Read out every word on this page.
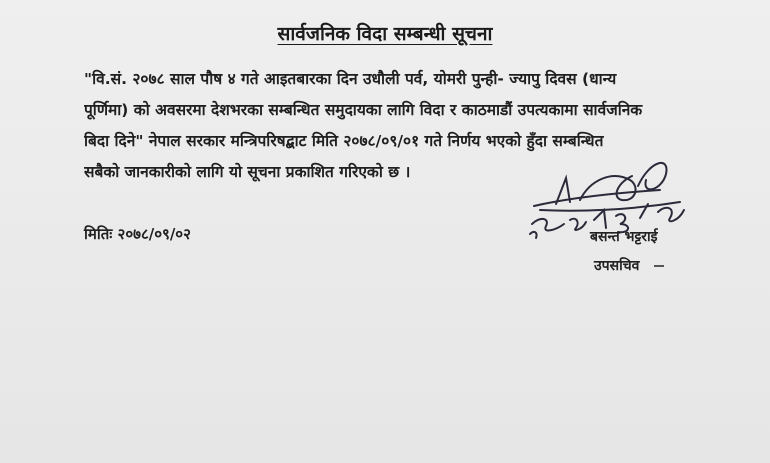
सार्वजनिक विदा सम्बन्धी सूचना
"वि.सं. २०७८ साल पौष ४ गते आइतबारका दिन उधौली पर्व, योमरी पुन्ही- ज्यापु दिवस (धान्य
पूर्णिमा) को अवसरमा देशभरका सम्बन्धित समुदायका लागि विदा र काठमाडौं उपत्यकामा सार्वजनिक
बिदा दिने" नेपाल सरकार मन्त्रिपरिषद्बाट मिति २०७८/०९/०१ गते निर्णय भएको हुँदा सम्बन्धित
सबैको जानकारीको लागि यो सूचना प्रकाशित गरिएको छ ।
मितिः २०७८/०९/०२	बसन्त भट्टराई
उपसचिव
